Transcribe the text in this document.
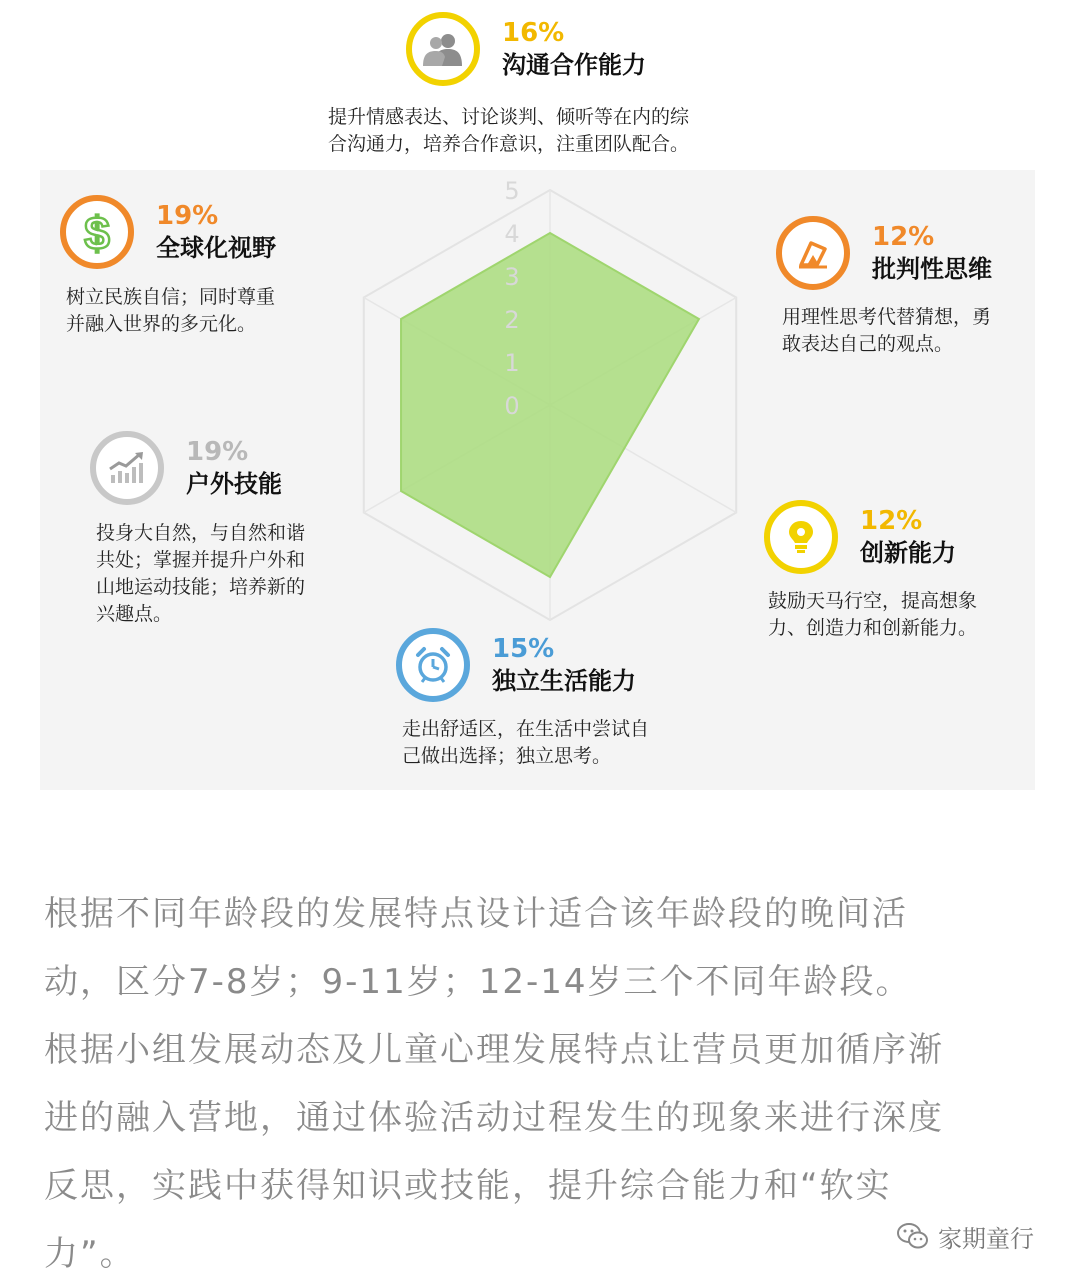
5
4
3
2
1
0
16%
沟通合作能力
提升情感表达、讨论谈判、倾听等在内的综
合沟通力，培养合作意识，注重团队配合。
$ 19%
全球化视野
树立民族自信；同时尊重
并融入世界的多元化。
12%
批判性思维
用理性思考代替猜想，勇
敢表达自己的观点。
19%
户外技能
投身大自然，与自然和谐
共处；掌握并提升户外和
山地运动技能；培养新的
兴趣点。
12%
创新能力
鼓励天马行空，提高想象
力、创造力和创新能力。
15%
独立生活能力
走出舒适区，在生活中尝试自
己做出选择；独立思考。
根据不同年龄段的发展特点设计适合该年龄段的晚间活
动，区分7-8岁；9-11岁；12-14岁三个不同年龄段。
根据小组发展动态及儿童心理发展特点让营员更加循序渐
进的融入营地，通过体验活动过程发生的现象来进行深度
反思，实践中获得知识或技能，提升综合能力和“软实
力”。	家期童行
